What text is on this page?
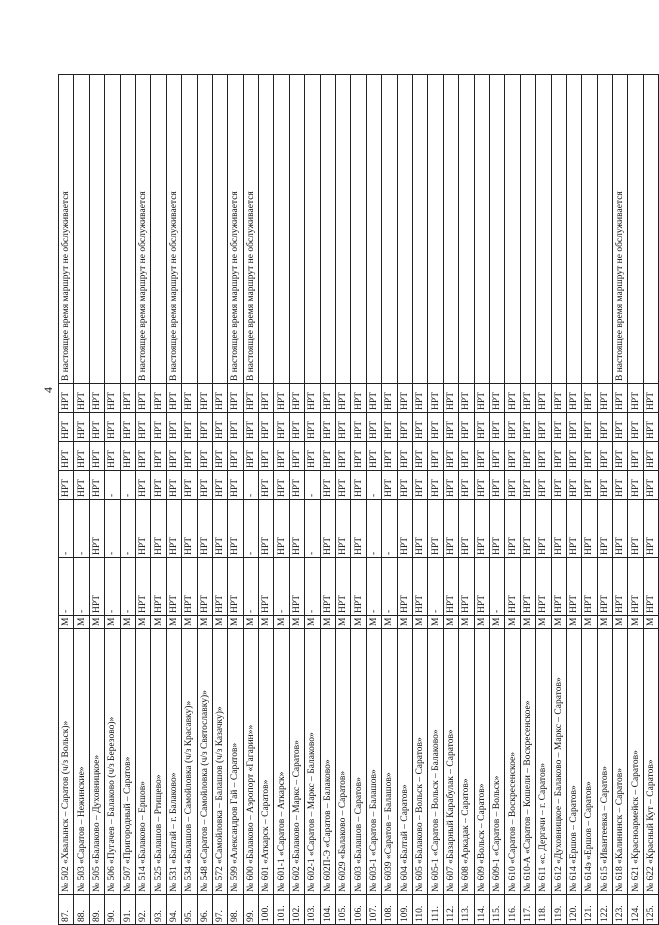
4
87.	№ 502 «Хвалынск – Саратов (ч/з Вольск)»	М	-	-	НРТ	НРТ	НРТ	НРТ	В настоящее время маршрут не обслуживается
88.	№ 503 «Саратов – Нежинские»	М	-	-	НРТ	НРТ	НРТ	НРТ	
89.	№ 505 «Балаково – Духовницкое»	М	НРТ	НРТ	НРТ	НРТ	НРТ	НРТ	
90.	№ 506 «Пугачев – Балаково (ч/з Березово)»	М	-	-	-	НРТ	НРТ	НРТ	
91.	№ 507 «Пригородный – Саратов»	М	-	-	-	НРТ	НРТ	НРТ	
92.	№ 514 «Балаково – Ершов»	М	НРТ	НРТ	НРТ	НРТ	НРТ	НРТ	В настоящее время маршрут не обслуживается
93.	№ 525 «Балашов – Ртищево»	М	НРТ	НРТ	НРТ	НРТ	НРТ	НРТ	
94.	№ 531 «Балтай – г. Балаково»	М	НРТ	НРТ	НРТ	НРТ	НРТ	НРТ	В настоящее время маршрут не обслуживается
95.	№ 534 «Балашов – Самойловка (ч/з Красавку)»	М	НРТ	НРТ	НРТ	НРТ	НРТ	НРТ	
96.	№ 548 «Саратов – Самойловка (ч/з Святославку)»	М	НРТ	НРТ	НРТ	НРТ	НРТ	НРТ	
97.	№ 572 «Самойловка – Балашов (ч/з Казачку)»	М	НРТ	НРТ	НРТ	НРТ	НРТ	НРТ	
98.	№ 599 «Александров Гай – Саратов»	М	НРТ	НРТ	НРТ	НРТ	НРТ	НРТ	В настоящее время маршрут не обслуживается
99.	№ 600 «Балаково – Аэропорт «Гагарин»»	М	-	-	-	НРТ	НРТ	НРТ	В настоящее время маршрут не обслуживается
100.	№ 601 «Аткарск – Саратов»	М	НРТ	НРТ	НРТ	НРТ	НРТ	НРТ	
101.	№ 601-1 «Саратов – Аткарск»	М	-	НРТ	НРТ	НРТ	НРТ	НРТ	
102.	№ 602 «Балаково – Маркс – Саратов»	М	НРТ	НРТ	НРТ	НРТ	НРТ	НРТ	
103.	№ 602-1 «Саратов – Маркс – Балаково»	М	-	-	-	НРТ	НРТ	НРТ	
104.	№ 602П-Э «Саратов – Балаково»	М	НРТ	НРТ	НРТ	НРТ	НРТ	НРТ	
105.	№ 6029 «Балаково – Саратов»	М	НРТ	НРТ	НРТ	НРТ	НРТ	НРТ	
106.	№ 603 «Балашов – Саратов»	М	НРТ	НРТ	НРТ	НРТ	НРТ	НРТ	
107.	№ 603-1 «Саратов – Балашов»	М	-	-	-	НРТ	НРТ	НРТ	
108.	№ 6039 «Саратов – Балашов»	М	-	-	НРТ	НРТ	НРТ	НРТ	
109.	№ 604 «Балтай – Саратов»	М	НРТ	НРТ	НРТ	НРТ	НРТ	НРТ	
110.	№ 605 «Балаково – Вольск – Саратов»	М	НРТ	НРТ	НРТ	НРТ	НРТ	НРТ	
111.	№ 605-1 «Саратов – Вольск – Балаково»	М	-	НРТ	НРТ	НРТ	НРТ	НРТ	
112.	№ 607 «Базарный Карабулак – Саратов»	М	НРТ	НРТ	НРТ	НРТ	НРТ	НРТ	
113.	№ 608 «Аркадак – Саратов»	М	НРТ	НРТ	НРТ	НРТ	НРТ	НРТ	
114.	№ 609 «Вольск – Саратов»	М	НРТ	НРТ	НРТ	НРТ	НРТ	НРТ	
115.	№ 609-1 «Саратов – Вольск»	М	-	НРТ	НРТ	НРТ	НРТ	НРТ	
116.	№ 610 «Саратов – Воскресенское»	М	НРТ	НРТ	НРТ	НРТ	НРТ	НРТ	
117.	№ 610-А «Саратов – Кошели – Воскресенское»	М	НРТ	НРТ	НРТ	НРТ	НРТ	НРТ	
118.	№ 611 «с. Дергачи – г. Саратов»	М	НРТ	НРТ	НРТ	НРТ	НРТ	НРТ	
119.	№ 612 «Духовницкое – Балаково – Маркс – Саратов»	М	НРТ	НРТ	НРТ	НРТ	НРТ	НРТ	
120.	№ 614 «Ершов – Саратов»	М	НРТ	НРТ	НРТ	НРТ	НРТ	НРТ	
121.	№ 614э «Ершов – Саратов»	М	НРТ	НРТ	НРТ	НРТ	НРТ	НРТ	
122.	№ 615 «Ивантеевка – Саратов»	М	НРТ	НРТ	НРТ	НРТ	НРТ	НРТ	
123.	№ 618 «Калининск – Саратов»	М	НРТ	НРТ	НРТ	НРТ	НРТ	НРТ	В настоящее время маршрут не обслуживается
124.	№ 621 «Красноармейск – Саратов»	М	НРТ	НРТ	НРТ	НРТ	НРТ	НРТ	
125.	№ 622 «Красный Кут – Саратов»	М	НРТ	НРТ	НРТ	НРТ	НРТ	НРТ	
